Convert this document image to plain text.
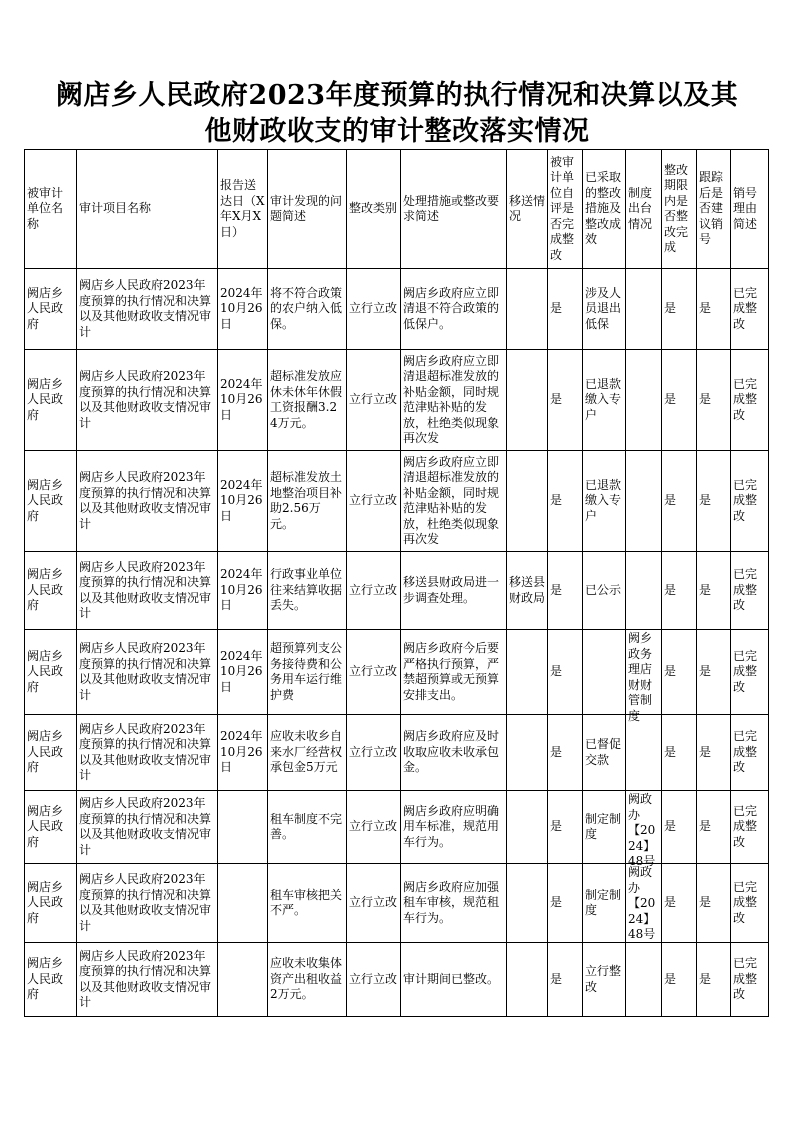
阙店乡人民政府2023年度预算的执行情况和决算以及其
他财政收支的审计整改落实情况
被审计单位名称	审计项目名称	报告送达日（X年X月X日）	审计发现的问题简述	整改类别	处理措施或整改要求简述	移送情况	被审计单位自评是否完成整改	已采取的整改措施及整改成效	制度出台情况	整改期限内是否整改完成	跟踪后是否建议销号	销号理由简述

阙店乡人民政府	阙店乡人民政府2023年度预算的执行情况和决算以及其他财政收支情况审计	2024年10月26日	将不符合政策的农户纳入低保。	立行立改	阙店乡政府应立即清退不符合政策的低保户。		是	涉及人员退出低保		是	是	已完成整改

阙店乡人民政府	阙店乡人民政府2023年度预算的执行情况和决算以及其他财政收支情况审计	2024年10月26日	超标准发放应休未休年休假工资报酬3.24万元。	立行立改	阙店乡政府应立即清退超标准发放的补贴金额，同时规范津贴补贴的发放，杜绝类似现象再次发		是	已退款缴入专户		是	是	已完成整改

阙店乡人民政府	阙店乡人民政府2023年度预算的执行情况和决算以及其他财政收支情况审计	2024年10月26日	超标准发放土地整治项目补助2.56万元。	立行立改	阙店乡政府应立即清退超标准发放的补贴金额，同时规范津贴补贴的发放，杜绝类似现象再次发		是	已退款缴入专户		是	是	已完成整改

阙店乡人民政府	阙店乡人民政府2023年度预算的执行情况和决算以及其他财政收支情况审计	2024年10月26日	行政事业单位往来结算收据丢失。	立行立改	移送县财政局进一步调查处理。	移送县财政局	是	已公示		是	是	已完成整改

阙店乡人民政府	阙店乡人民政府2023年度预算的执行情况和决算以及其他财政收支情况审计	2024年10月26日	超预算列支公务接待费和公务用车运行维护费	立行立改	阙店乡政府今后要严格执行预算，严禁超预算或无预算安排支出。		是		阙乡政务理店财财管制度	是	是	已完成整改

阙店乡人民政府	阙店乡人民政府2023年度预算的执行情况和决算以及其他财政收支情况审计	2024年10月26日	应收未收乡自来水厂经营权承包金5万元	立行立改	阙店乡政府应及时收取应收未收承包金。		是	已督促交款		是	是	已完成整改

阙店乡人民政府	阙店乡人民政府2023年度预算的执行情况和决算以及其他财政收支情况审计		租车制度不完善。	立行立改	阙店乡政府应明确用车标准，规范用车行为。		是	制定制度	阙政办【2024】48号	是	是	已完成整改

阙店乡人民政府	阙店乡人民政府2023年度预算的执行情况和决算以及其他财政收支情况审计		租车审核把关不严。	立行立改	阙店乡政府应加强租车审核，规范租车行为。		是	制定制度	阙政办【2024】48号	是	是	已完成整改

阙店乡人民政府	阙店乡人民政府2023年度预算的执行情况和决算以及其他财政收支情况审计		应收未收集体资产出租收益2万元。	立行立改	审计期间已整改。		是	立行整改		是	是	已完成整改
